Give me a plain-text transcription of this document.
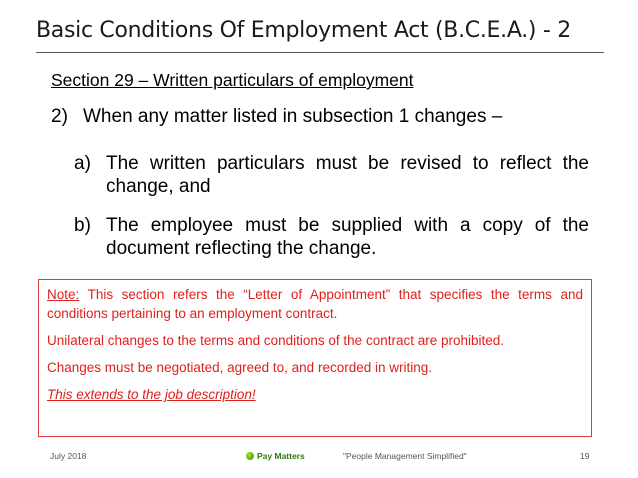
Basic Conditions Of Employment Act (B.C.E.A.) - 2
Section 29 – Written particulars of employment
2) When any matter listed in subsection 1 changes –
a) The written particulars must be revised to reflect the change, and
b) The employee must be supplied with a copy of the document reflecting the change.

Note: This section refers the “Letter of Appointment” that specifies the terms and conditions pertaining to an employment contract.

Unilateral changes to the terms and conditions of the contract are prohibited.

Changes must be negotiated, agreed to, and recorded in writing.

This extends to the job description!

July 2018	Pay Matters	"People Management Simplified"	19
